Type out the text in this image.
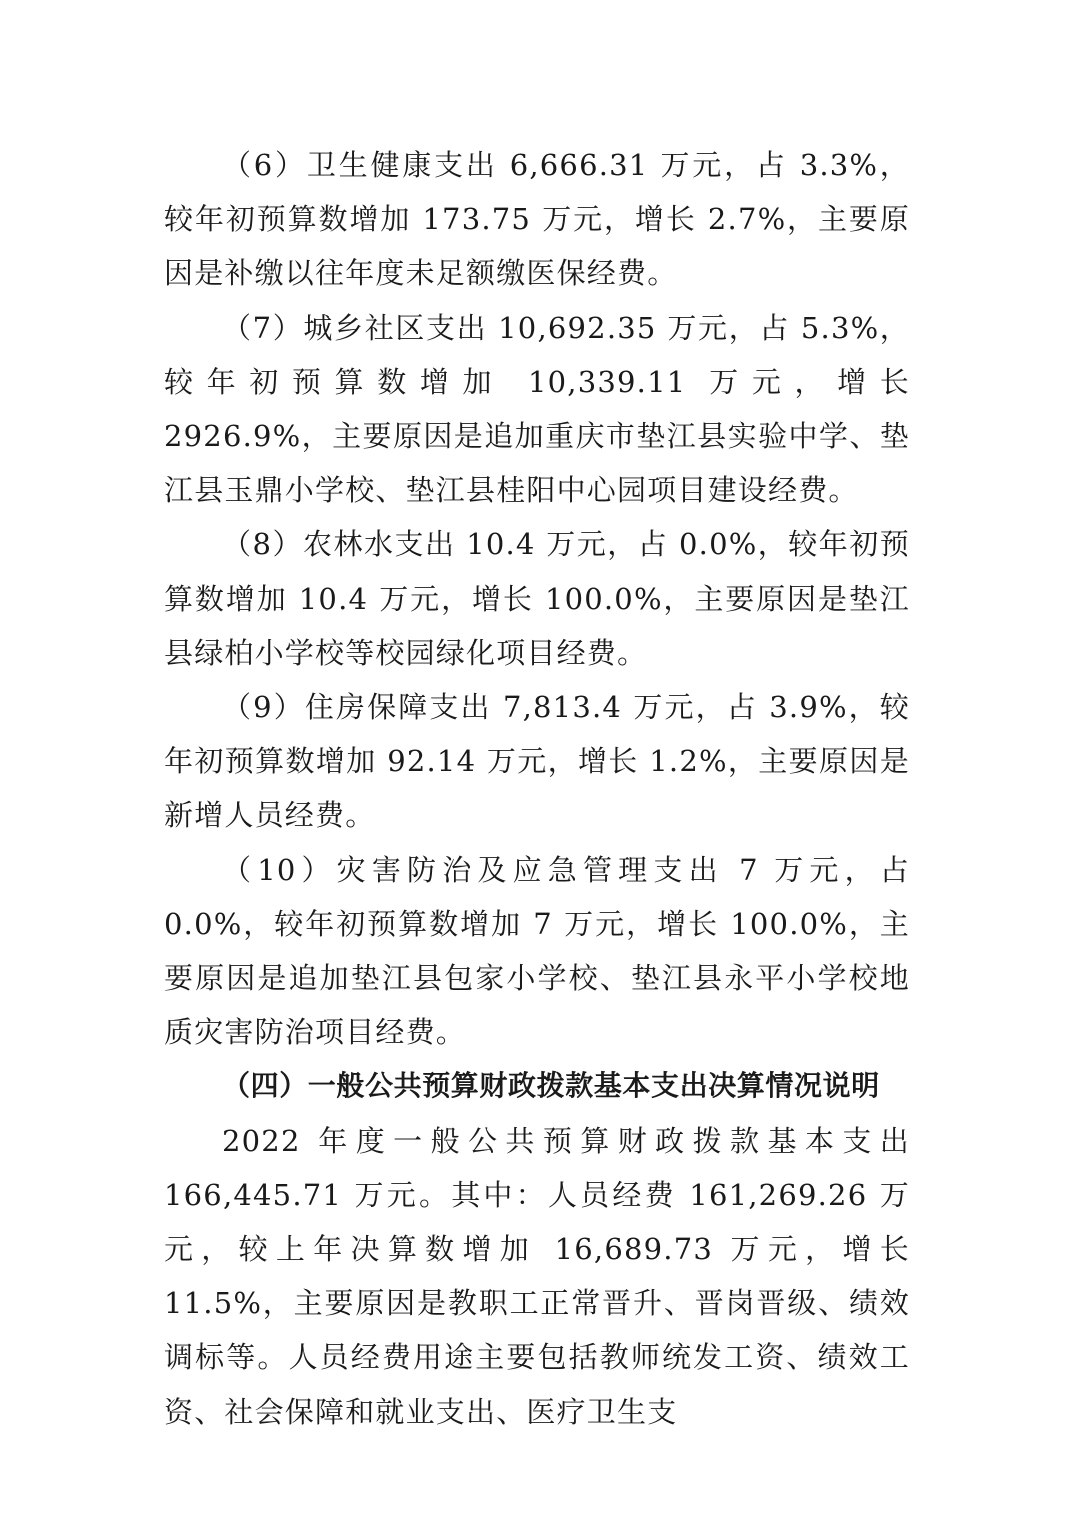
（6）卫生健康支出 6,666.31 万元，占 3.3%，较年初预算数增加 173.75 万元，增长 2.7%，主要原因是补缴以往年度未足额缴医保经费。

（7）城乡社区支出 10,692.35 万元，占 5.3%，较年初预算数增加 10,339.11 万元，增长 2926.9%，主要原因是追加重庆市垫江县实验中学、垫江县玉鼎小学校、垫江县桂阳中心园项目建设经费。

（8）农林水支出 10.4 万元，占 0.0%，较年初预算数增加 10.4 万元，增长 100.0%，主要原因是垫江县绿柏小学校等校园绿化项目经费。

（9）住房保障支出 7,813.4 万元，占 3.9%，较年初预算数增加 92.14 万元，增长 1.2%，主要原因是新增人员经费。

（10）灾害防治及应急管理支出 7 万元，占 0.0%，较年初预算数增加 7 万元，增长 100.0%，主要原因是追加垫江县包家小学校、垫江县永平小学校地质灾害防治项目经费。

（四）一般公共预算财政拨款基本支出决算情况说明

2022 年度一般公共预算财政拨款基本支出 166,445.71 万元。其中：人员经费 161,269.26 万元，较上年决算数增加 16,689.73 万元，增长 11.5%，主要原因是教职工正常晋升、晋岗晋级、绩效调标等。人员经费用途主要包括教师统发工资、绩效工资、社会保障和就业支出、医疗卫生支
